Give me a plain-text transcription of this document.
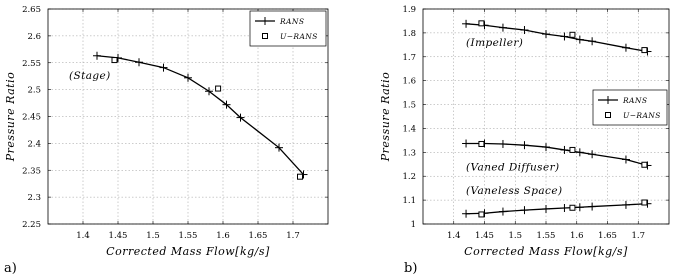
1.4 1.45 1.5 1.55 1.6 1.65 1.7
2.25
2.3
2.35
2.4
2.45
2.5
2.55
2.6
2.65
Corrected Mass Flow[kg/s]
Pressure Ratio	(Stage)
RANS
U−RANS
1.4 1.45 1.5 1.55 1.6 1.65 1.7
1
1.1
1.2
1.3
1.4
1.5
1.6
1.7
1.8
1.9
Corrected Mass Flow[kg/s]
Pressure Ratio
(Impeller)
(Vaned Diffuser)
(Vaneless Space)
RANS
U−RANS
a)	b)
